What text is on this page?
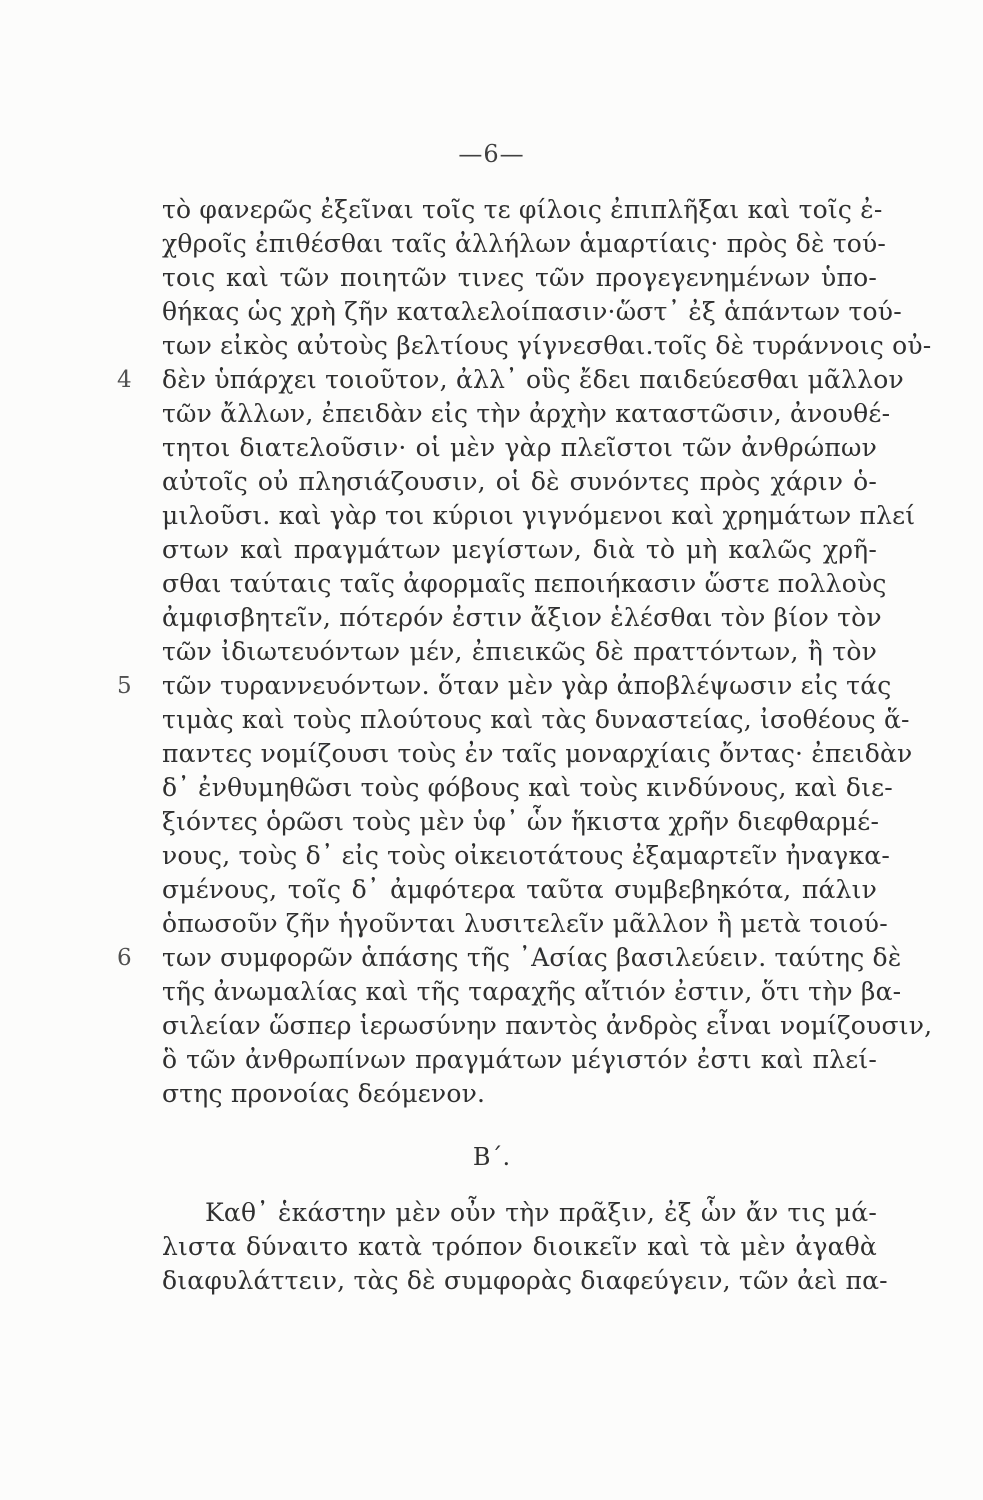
—6—
τὸ φανερῶς ἐξεῖναι τοῖς τε φίλοις ἐπιπλῆξαι καὶ τοῖς ἐ-
χθροῖς ἐπιθέσθαι ταῖς ἀλλήλων ἁμαρτίαις· πρὸς δὲ τού-
τοις καὶ τῶν ποιητῶν τινες τῶν προγεγενημένων ὑπο-
θήκας ὡς χρὴ ζῆν καταλελοίπασιν·ὥστ᾿ ἐξ ἁπάντων τού-
των εἰκὸς αὐτοὺς βελτίους γίγνεσθαι.τοῖς δὲ τυράννοις οὐ-
δὲν ὑπάρχει τοιοῦτον, ἀλλ᾿ οὓς ἔδει παιδεύεσθαι μᾶλλον
τῶν ἄλλων, ἐπειδὰν εἰς τὴν ἀρχὴν καταστῶσιν, ἀνουθέ-
τητοι διατελοῦσιν· οἱ μὲν γὰρ πλεῖστοι τῶν ἀνθρώπων
αὐτοῖς οὐ πλησιάζουσιν, οἱ δὲ συνόντες πρὸς χάριν ὁ-
μιλοῦσι. καὶ γὰρ τοι κύριοι γιγνόμενοι καὶ χρημάτων πλεί
στων καὶ πραγμάτων μεγίστων, διὰ τὸ μὴ καλῶς χρῆ-
σθαι ταύταις ταῖς ἀφορμαῖς πεποιήκασιν ὥστε πολλοὺς
ἀμφισβητεῖν, πότερόν ἐστιν ἄξιον ἑλέσθαι τὸν βίον τὸν
τῶν ἰδιωτευόντων μέν, ἐπιεικῶς δὲ πραττόντων, ἢ τὸν
τῶν τυραννευόντων. ὅταν μὲν γὰρ ἀποβλέψωσιν εἰς τάς
τιμὰς καὶ τοὺς πλούτους καὶ τὰς δυναστείας, ἰσοθέους ἅ-
παντες νομίζουσι τοὺς ἐν ταῖς μοναρχίαις ὄντας· ἐπειδὰν
δ᾿ ἐνθυμηθῶσι τοὺς φόβους καὶ τοὺς κινδύνους, καὶ διε-
ξιόντες ὁρῶσι τοὺς μὲν ὑφ᾿ ὧν ἥκιστα χρῆν διεφθαρμέ-
νους, τοὺς δ᾿ εἰς τοὺς οἰκειοτάτους ἐξαμαρτεῖν ἠναγκα-
σμένους, τοῖς δ᾿ ἀμφότερα ταῦτα συμβεβηκότα, πάλιν
ὁπωσοῦν ζῆν ἡγοῦνται λυσιτελεῖν μᾶλλον ἢ μετὰ τοιού-
των συμφορῶν ἁπάσης τῆς ᾿Ασίας βασιλεύειν. ταύτης δὲ
τῆς ἀνωμαλίας καὶ τῆς ταραχῆς αἴτιόν ἐστιν, ὅτι τὴν βα-
σιλείαν ὥσπερ ἱερωσύνην παντὸς ἀνδρὸς εἶναι νομίζουσιν,
ὃ τῶν ἀνθρωπίνων πραγμάτων μέγιστόν ἐστι καὶ πλεί-
στης προνοίας δεόμενον.
4
5
6
Β΄.
Καθ᾿ ἑκάστην μὲν οὖν τὴν πρᾶξιν, ἐξ ὧν ἄν τις μά-
λιστα δύναιτο κατὰ τρόπον διοικεῖν καὶ τὰ μὲν ἀγαθὰ
διαφυλάττειν, τὰς δὲ συμφορὰς διαφεύγειν, τῶν ἀεὶ πα-
